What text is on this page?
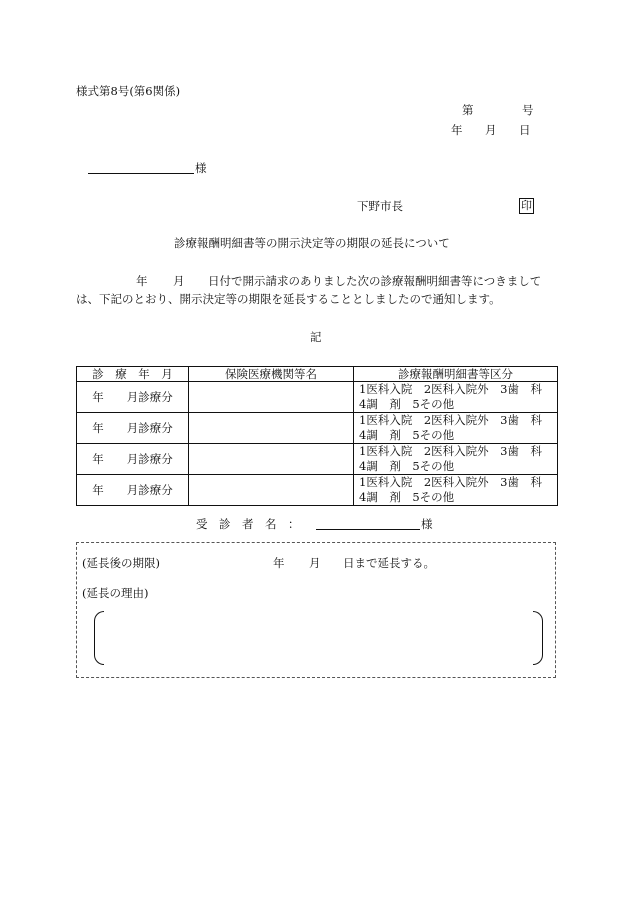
様式第8号(第6関係)
第	号
年 月 日
様
下野市長	印
診療報酬明細書等の開示決定等の期限の延長について
年 月 日付で開示請求のありました次の診療報酬明細書等につきまして
は、下記のとおり、開示決定等の期限を延長することとしましたので通知します。
記
診　療　年　月	保険医療機関等名	診療報酬明細書等区分
年　　月診療分		1医科入院　2医科入院外　3歯　科
4調　剤　5その他

年　　月診療分		1医科入院　2医科入院外　3歯　科
4調　剤　5その他

年　　月診療分		1医科入院　2医科入院外　3歯　科
4調　剤　5その他

年　　月診療分		1医科入院　2医科入院外　3歯　科
4調　剤　5その他
受　診　者　名　：	様
(延長後の期限)	年 月 日まで延長する。
(延長の理由)
